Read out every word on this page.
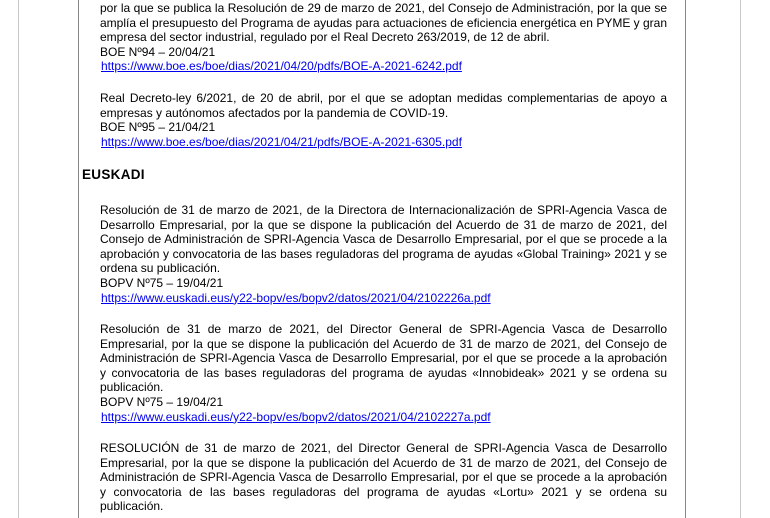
por la que se publica la Resolución de 29 de marzo de 2021, del Consejo de Administración, por la que se amplía el presupuesto del Programa de ayudas para actuaciones de eficiencia energética en PYME y gran empresa del sector industrial, regulado por el Real Decreto 263/2019, de 12 de abril.

BOE Nº94 – 20/04/21
https://www.boe.es/boe/dias/2021/04/20/pdfs/BOE-A-2021-6242.pdf

Real Decreto-ley 6/2021, de 20 de abril, por el que se adoptan medidas complementarias de apoyo a empresas y autónomos afectados por la pandemia de COVID-19.

BOE Nº95 – 21/04/21
https://www.boe.es/boe/dias/2021/04/21/pdfs/BOE-A-2021-6305.pdf
EUSKADI

Resolución de 31 de marzo de 2021, de la Directora de Internacionalización de SPRI-Agencia Vasca de Desarrollo Empresarial, por la que se dispone la publicación del Acuerdo de 31 de marzo de 2021, del Consejo de Administración de SPRI-Agencia Vasca de Desarrollo Empresarial, por el que se procede a la aprobación y convocatoria de las bases reguladoras del programa de ayudas «Global Training» 2021 y se ordena su publicación.

BOPV Nº75 – 19/04/21
https://www.euskadi.eus/y22-bopv/es/bopv2/datos/2021/04/2102226a.pdf

Resolución de 31 de marzo de 2021, del Director General de SPRI-Agencia Vasca de Desarrollo Empresarial, por la que se dispone la publicación del Acuerdo de 31 de marzo de 2021, del Consejo de Administración de SPRI-Agencia Vasca de Desarrollo Empresarial, por el que se procede a la aprobación y convocatoria de las bases reguladoras del programa de ayudas «Innobideak» 2021 y se ordena su publicación.

BOPV Nº75 – 19/04/21
https://www.euskadi.eus/y22-bopv/es/bopv2/datos/2021/04/2102227a.pdf

RESOLUCIÓN de 31 de marzo de 2021, del Director General de SPRI-Agencia Vasca de Desarrollo Empresarial, por la que se dispone la publicación del Acuerdo de 31 de marzo de 2021, del Consejo de Administración de SPRI-Agencia Vasca de Desarrollo Empresarial, por el que se procede a la aprobación y convocatoria de las bases reguladoras del programa de ayudas «Lortu» 2021 y se ordena su publicación.
